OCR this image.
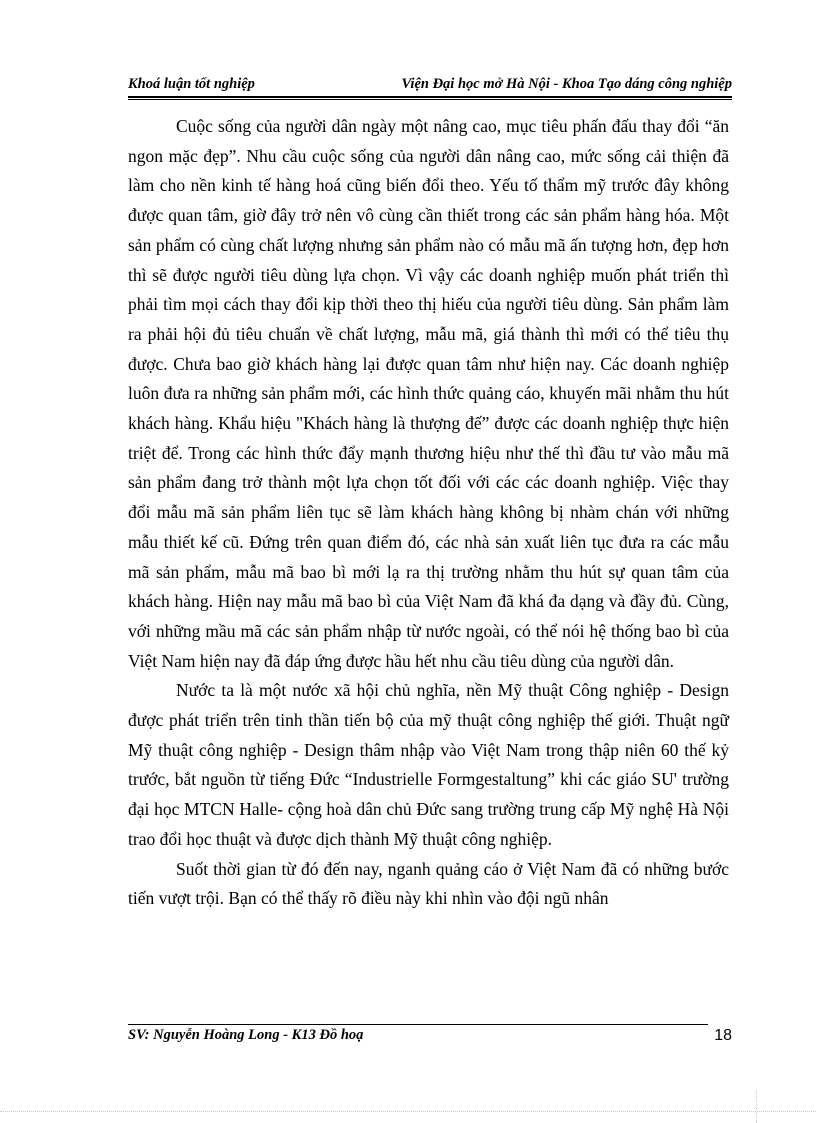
Khoá luận tốt nghiệp	Viện Đại học mở Hà Nội - Khoa Tạo dáng công nghiệp

Cuộc sống của người dân ngày một nâng cao, mục tiêu phấn đấu thay đổi “ăn ngon mặc đẹp”. Nhu cầu cuộc sống của người dân nâng cao, mức sống cải thiện đã làm cho nền kinh tế hàng hoá cũng biến đổi theo. Yếu tố thẩm mỹ trước đây không được quan tâm, giờ đây trở nên vô cùng cần thiết trong các sản phẩm hàng hóa. Một sản phẩm có cùng chất lượng nhưng sản phẩm nào có mẫu mã ấn tượng hơn, đẹp hơn thì sẽ được người tiêu dùng lựa chọn. Vì vậy các doanh nghiệp muốn phát triển thì phải tìm mọi cách thay đổi kịp thời theo thị hiếu của người tiêu dùng. Sản phẩm làm ra phải hội đủ tiêu chuẩn về chất lượng, mẫu mã, giá thành thì mới có thể tiêu thụ được. Chưa bao giờ khách hàng lại được quan tâm như hiện nay. Các doanh nghiệp luôn đưa ra những sản phẩm mới, các hình thức quảng cáo, khuyến mãi nhằm thu hút khách hàng. Khẩu hiệu "Khách hàng là thượng đế” được các doanh nghiệp thực hiện triệt để. Trong các hình thức đẩy mạnh thương hiệu như thế thì đầu tư vào mẫu mã sản phẩm đang trở thành một lựa chọn tốt đối với các các doanh nghiệp. Việc thay đổi mẫu mã sản phẩm liên tục sẽ làm khách hàng không bị nhàm chán với những mẫu thiết kế cũ. Đứng trên quan điểm đó, các nhà sản xuất liên tục đưa ra các mẫu mã sản phẩm, mẫu mã bao bì mới lạ ra thị trường nhằm thu hút sự quan tâm của khách hàng. Hiện nay mẫu mã bao bì của Việt Nam đã khá đa dạng và đầy đủ. Cùng, với những mầu mã các sản phẩm nhập từ nước ngoài, có thể nói hệ thống bao bì của Việt Nam hiện nay đã đáp ứng được hầu hết nhu cầu tiêu dùng của người dân.

Nước ta là một nước xã hội chủ nghĩa, nền Mỹ thuật Công nghiệp - Design được phát triển trên tinh thần tiến bộ của mỹ thuật công nghiệp thế giới. Thuật ngữ Mỹ thuật công nghiệp - Design thâm nhập vào Việt Nam trong thập niên 60 thế kỷ trước, bắt nguồn từ tiếng Đức “Industrielle Formgestaltung” khi các giáo SU' trường đại học MTCN Halle- cộng hoà dân chủ Đức sang trường trung cấp Mỹ nghệ Hà Nội trao đổi học thuật và được dịch thành Mỹ thuật công nghiệp.

Suốt thời gian từ đó đến nay, nganh quảng cáo ở Việt Nam đã có những bước tiến vượt trội. Bạn có thể thấy rõ điều này khi nhìn vào đội ngũ nhân

SV: Nguyễn Hoàng Long - K13 Đồ hoạ	18
